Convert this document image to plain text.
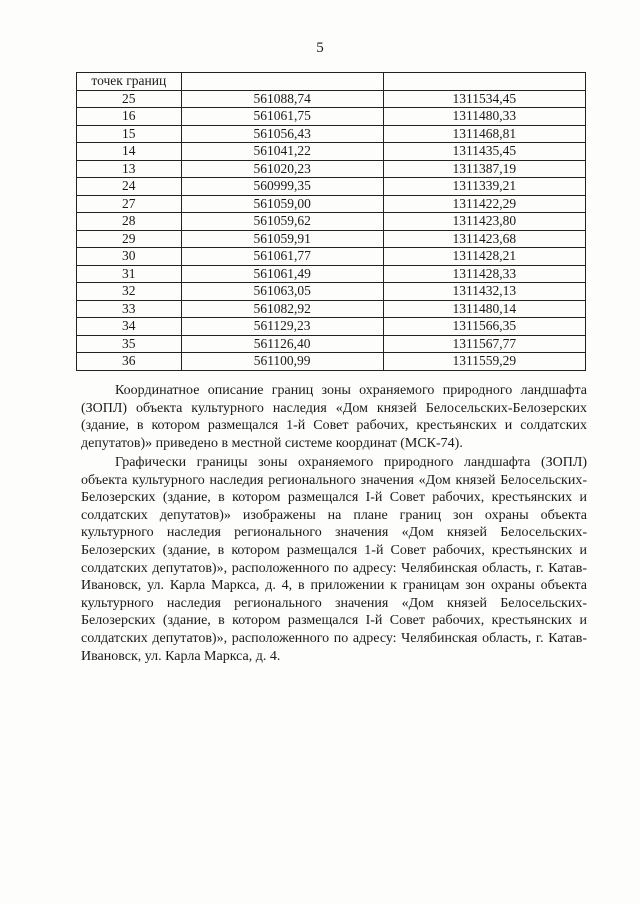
5
точек границ		
25	561088,74	1311534,45
16	561061,75	1311480,33
15	561056,43	1311468,81
14	561041,22	1311435,45
13	561020,23	1311387,19
24	560999,35	1311339,21
27	561059,00	1311422,29
28	561059,62	1311423,80
29	561059,91	1311423,68
30	561061,77	1311428,21
31	561061,49	1311428,33
32	561063,05	1311432,13
33	561082,92	1311480,14
34	561129,23	1311566,35
35	561126,40	1311567,77
36	561100,99	1311559,29

Координатное описание границ зоны охраняемого природного ландшафта (ЗОПЛ) объекта культурного наследия «Дом князей Белосельских-Белозерских (здание, в котором размещался 1-й Совет рабочих, крестьянских и солдатских депутатов)» приведено в местной системе координат (МСК-74).

Графически границы зоны охраняемого природного ландшафта (ЗОПЛ) объекта культурного наследия регионального значения «Дом князей Белосельских-Белозерских (здание, в котором размещался I-й Совет рабочих, крестьянских и солдатских депутатов)» изображены на плане границ зон охраны объекта культурного наследия регионального значения «Дом князей Белосельских-Белозерских (здание, в котором размещался 1-й Совет рабочих, крестьянских и солдатских депутатов)», расположенного по адресу: Челябинская область, г. Катав-Ивановск, ул. Карла Маркса, д. 4, в приложении к границам зон охраны объекта культурного наследия регионального значения «Дом князей Белосельских-Белозерских (здание, в котором размещался I-й Совет рабочих, крестьянских и солдатских депутатов)», расположенного по адресу: Челябинская область, г. Катав-Ивановск, ул. Карла Маркса, д. 4.
